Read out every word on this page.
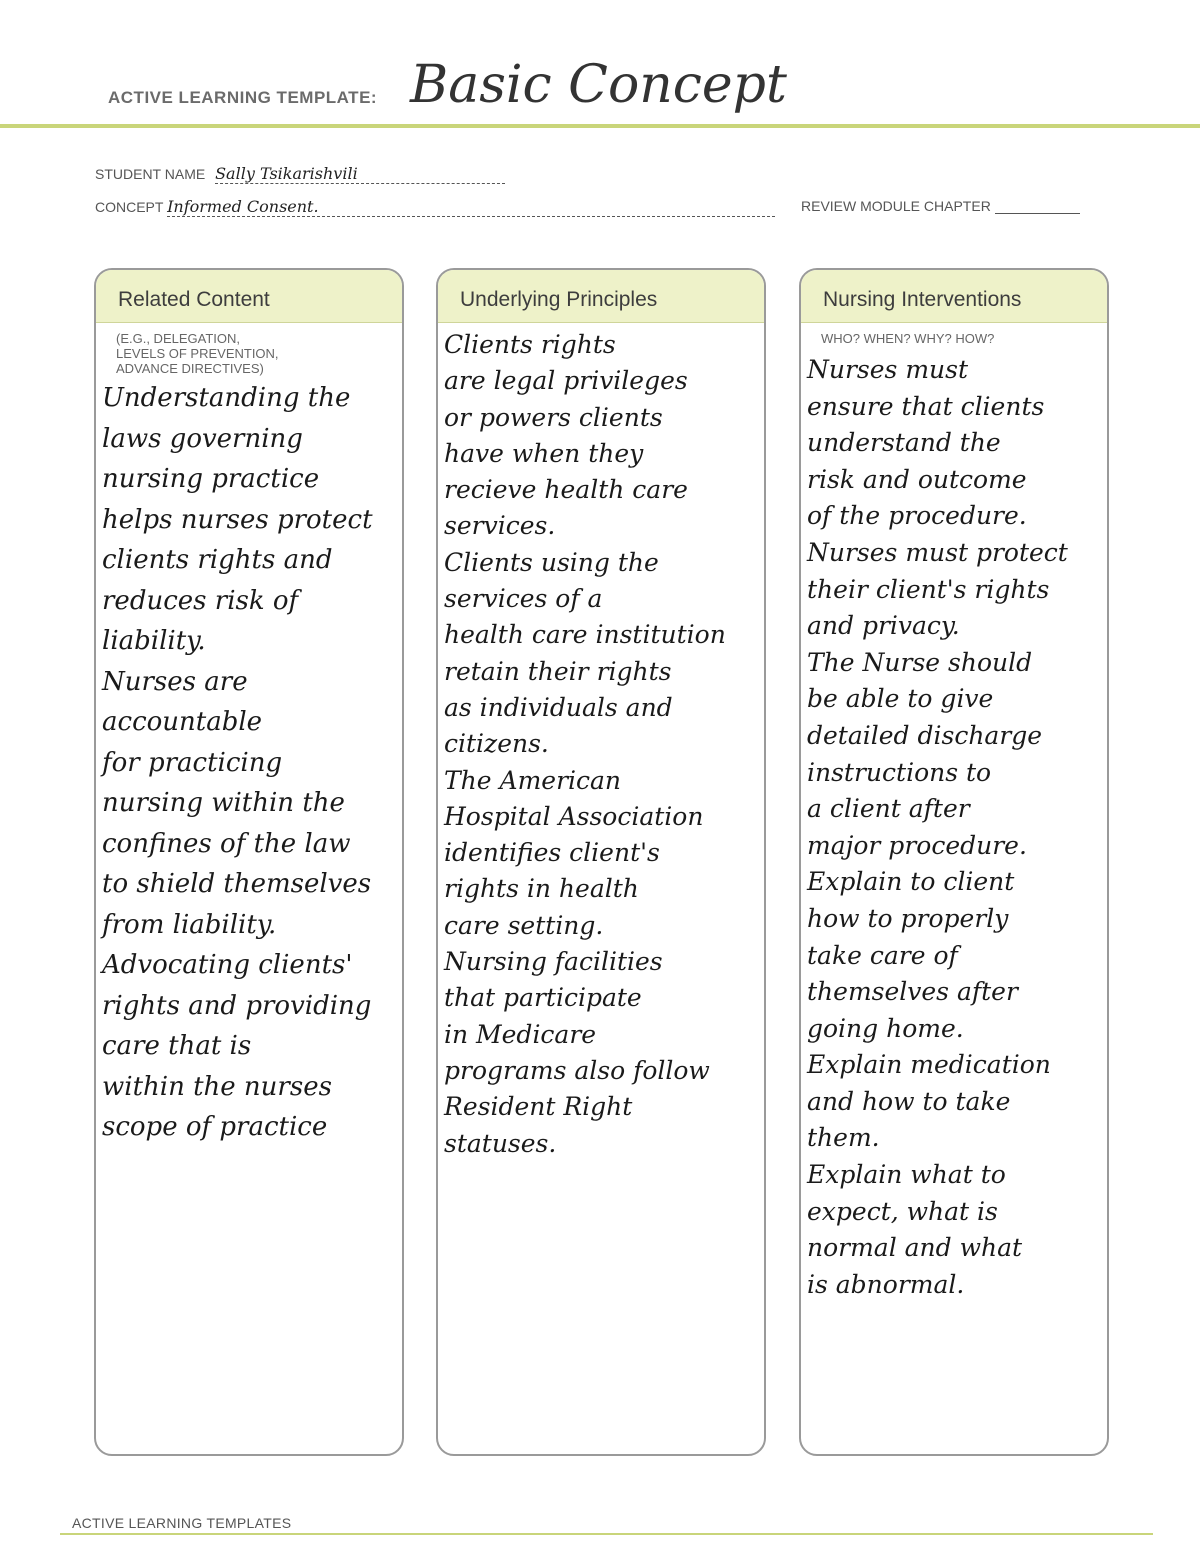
ACTIVE LEARNING TEMPLATE: Basic Concept
STUDENT NAME Sally Tsikarishvili
CONCEPT Informed Consent.	REVIEW MODULE CHAPTER
Related Content
(E.G., DELEGATION,
LEVELS OF PREVENTION,
ADVANCE DIRECTIVES)

Understanding the
laws governing
nursing practice
helps nurses protect
clients rights and
reduces risk of
liability.
Nurses are accountable
for practicing
nursing within the
confines of the law
to shield themselves
from liability.
Advocating clients'
rights and providing
care that is
within the nurses
scope of practice

Underlying Principles

Clients rights
are legal privileges
or powers clients
have when they
recieve health care
services.
Clients using the
services of a
health care institution
retain their rights
as individuals and
citizens.
The American
Hospital Association
identifies client's
rights in health
care setting.
Nursing facilities
that participate
in Medicare
programs also follow
Resident Right
statuses.

Nursing Interventions
WHO? WHEN? WHY? HOW?

Nurses must
ensure that clients
understand the
risk and outcome
of the procedure.
Nurses must protect
their client's rights
and privacy.
The Nurse should
be able to give
detailed discharge
instructions to
a client after
major procedure.
Explain to client
how to properly
take care of
themselves after
going home.
Explain medication
and how to take
them.
Explain what to
expect, what is
normal and what
is abnormal.

ACTIVE LEARNING TEMPLATES
